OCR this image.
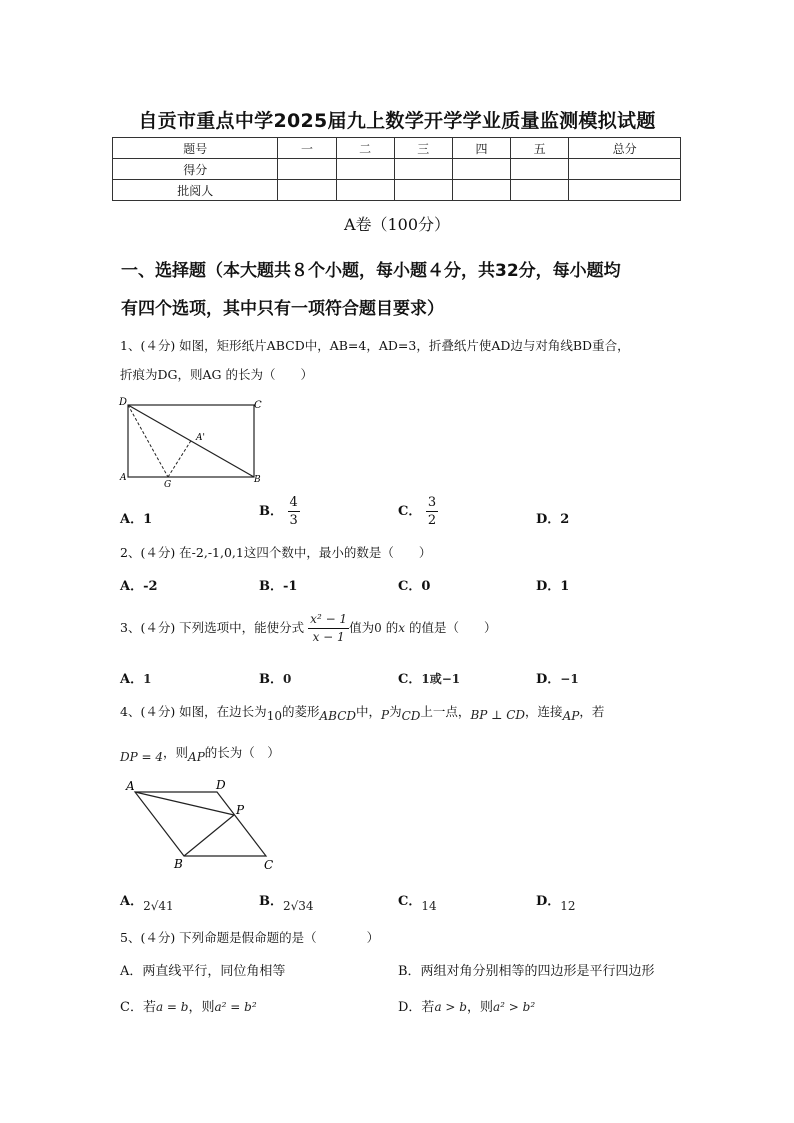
自贡市重点中学2025届九上数学开学学业质量监测模拟试题
题号	一	二	三	四	五	总分
得分						
批阅人						
A卷（100分）
一、选择题（本大题共８个小题，每小题４分，共32分，每小题均
有四个选项，其中只有一项符合题目要求）
1、(４分) 如图，矩形纸片ABCD中，AB=4，AD=3，折叠纸片使AD边与对角线BD重合，
折痕为DG，则AG 的长为（　　）
D	C
A'
A
G	B
A．1
B． $\frac{4}{3}$	C． $\frac{3}{2}$	D．2
2、(４分) 在-2,-1,0,1这四个数中，最小的数是（　　）
A．-2	B．-1	C．0	D．1
3、(４分) 下列选项中，能使分式 $\frac{\text{x² − 1}}{x - 1}$ 值为0 的x 的值是（　　）
A．1	B．0	C．1或−1	D．−1
4、(４分) 如图，在边长为10的菱形ABCD中，P为CD上一点，BP ⊥ CD，连接AP，若
DP = 4，则AP的长为（　）
A	D
P
B	C
A．2√41	B．2√34	C．14	D．12
5、(４分) 下列命题是假命题的是（　　　　）
A．两直线平行，同位角相等	B．两组对角分别相等的四边形是平行四边形
C．若a = b，则a² = b²	D．若a > b，则a² > b²
